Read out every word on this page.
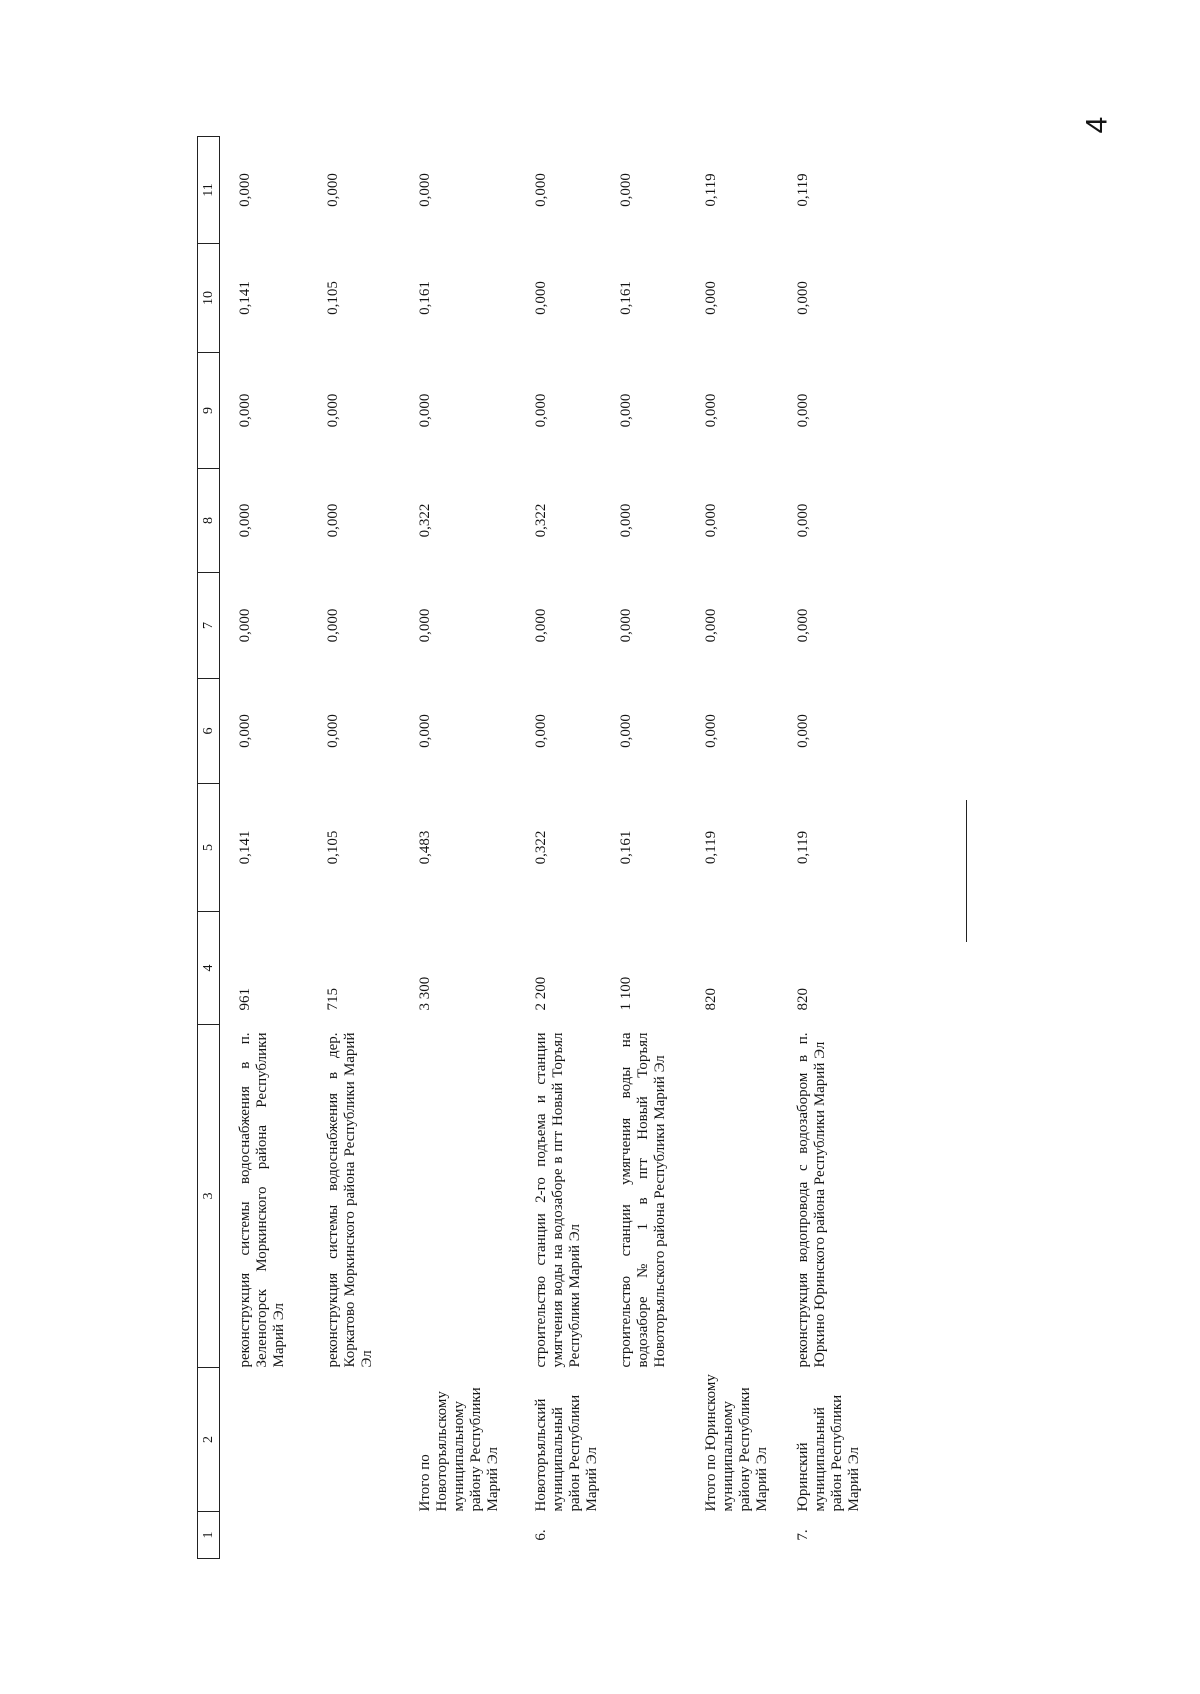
4
1	2	3	4	5	6	7	8	9	10	11
		реконструкция системы водоснабжения в п. Зеленогорск Моркинского района Республики Марий Эл	961	0,141	0,000	0,000	0,000	0,000	0,141	0,000
		реконструкция системы водоснабжения в дер. Коркатово Моркинского района Республики Марий Эл	715	0,105	0,000	0,000	0,000	0,000	0,105	0,000
	Итого по Новоторъяльскому муниципальному району Республики Марий Эл		3 300	0,483	0,000	0,000	0,322	0,000	0,161	0,000
6.	Новоторъяльский муниципальный район Республики Марий Эл	строительство станции 2-го подъема и станции умягчения воды на водозаборе в пгт Новый Торъял Республики Марий Эл	2 200	0,322	0,000	0,000	0,322	0,000	0,000	0,000
		строительство станции умягчения воды на водозаборе № 1 в пгт Новый Торъял Новоторъяльского района Республики Марий Эл	1 100	0,161	0,000	0,000	0,000	0,000	0,161	0,000
	Итого по Юринскому муниципальному району Республики Марий Эл		820	0,119	0,000	0,000	0,000	0,000	0,000	0,119
7.	Юринский муниципальный район Республики Марий Эл	реконструкция водопровода с водозабором в п. Юркино Юринского района Республики Марий Эл	820	0,119	0,000	0,000	0,000	0,000	0,000	0,119
